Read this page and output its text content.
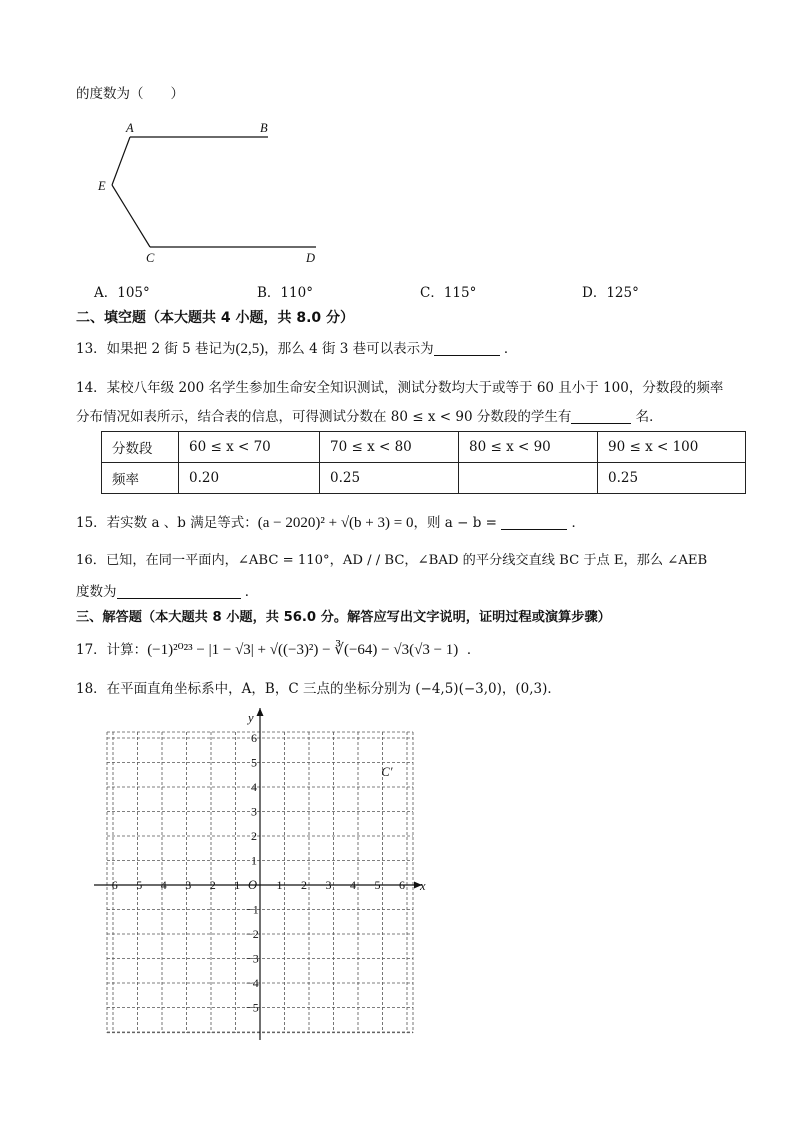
的度数为（　　）
A	B
E
C	D
A．105°	B．110°	C．115°	D．125°
二、填空题（本大题共 4 小题，共 8.0 分）
13．如果把 2 街 5 巷记为(2,5)，那么 4 街 3 巷可以表示为	．
14．某校八年级 200 名学生参加生命安全知识测试，测试分数均大于或等于 60 且小于 100，分数段的频率
分布情况如表所示，结合表的信息，可得测试分数在 80 ≤ x < 90 分数段的学生有	名．
分数段	60 ≤ x < 70	70 ≤ x < 80	80 ≤ x < 90	90 ≤ x < 100
频率	0.20	0.25		0.25
15．若实数 a 、b 满足等式：(a − 2020)² + √(b + 3) = 0，则 a − b =	．
16．已知，在同一平面内，∠ABC = 110°，AD / / BC，∠BAD 的平分线交直线 BC 于点 E，那么 ∠AEB
度数为	．
三、解答题（本大题共 8 小题，共 56.0 分。解答应写出文字说明，证明过程或演算步骤）
17．计算：(−1)²⁰²³ − |1 − √3| + √((−3)²) − ∛(−64) − √3(√3 − 1) ．
18．在平面直角坐标系中，A，B，C 三点的坐标分别为 (−4,5)(−3,0)，(0,3)．
x
y
O
−6 −5 −4 −3 −2 −1	1 2 3 4 5 6
6
5
4
3
2
1
−1
−2
−3
−4
−5
C′
